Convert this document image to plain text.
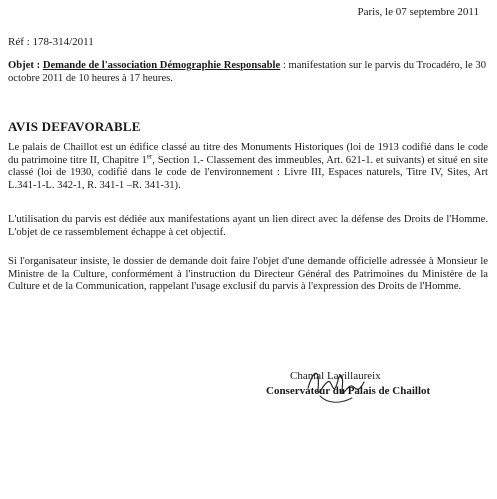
Paris, le 07 septembre 2011
Réf : 178-314/2011
Objet : Demande de l'association Démographie Responsable : manifestation sur le parvis du Trocadéro, le 30 octobre 2011 de 10 heures à 17 heures.
AVIS DEFAVORABLE

Le palais de Chaillot est un édifice classé au titre des Monuments Historiques (loi de 1913 codifié dans le code du patrimoine titre II, Chapitre 1er, Section 1.- Classement des immeubles, Art. 621-1. et suivants) et situé en site classé (loi de 1930, codifié dans le code de l'environnement : Livre III, Espaces naturels, Titre IV, Sites, Art L.341-1-L. 342-1, R. 341-1 –R. 341-31).

L'utilisation du parvis est dédiée aux manifestations ayant un lien direct avec la défense des Droits de l'Homme. L'objet de ce rassemblement échappe à cet objectif.

Si l'organisateur insiste, le dossier de demande doit faire l'objet d'une demande officielle adressée à Monsieur le Ministre de la Culture, conformément à l'instruction du Directeur Général des Patrimoines du Ministère de la Culture et de la Communication, rappelant l'usage exclusif du parvis à l'expression des Droits de l'Homme.

Chantal Lavillaureix
Conservateur du Palais de Chaillot
